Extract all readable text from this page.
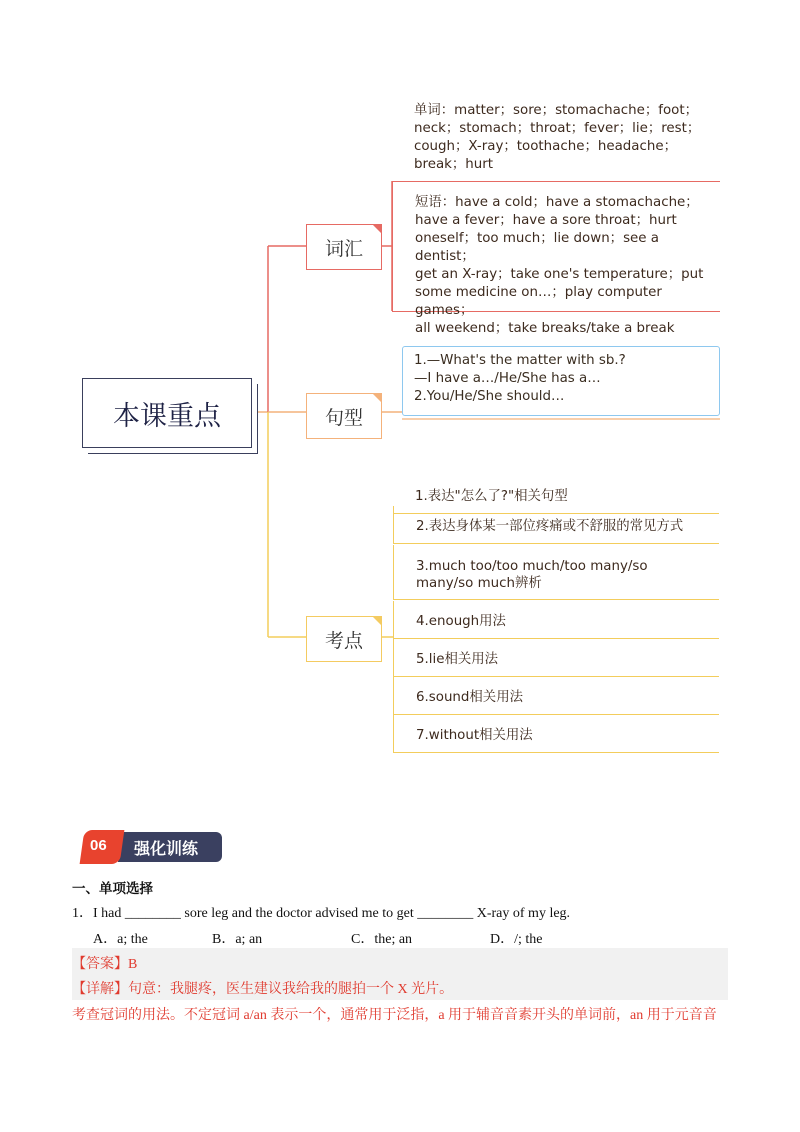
本课重点
词汇
句型
考点
单词：matter；sore；stomachache；foot；
neck；stomach；throat；fever；lie；rest；
cough；X-ray；toothache；headache；
break；hurt
短语：have a cold；have a stomachache；
have a fever；have a sore throat；hurt
oneself；too much；lie down；see a dentist；
get an X-ray；take one's temperature；put
some medicine on…；play computer games；
all weekend；take breaks/take a break
1.—What's the matter with sb.?
—I have a…/He/She has a…
2.You/He/She should…
1.表达"怎么了?"相关句型
2.表达身体某一部位疼痛或不舒服的常见方式
3.much too/too much/too many/so many/so much辨析
4.enough用法
5.lie相关用法
6.sound相关用法
7.without相关用法
06 强化训练
一、单项选择
1．I had ________ sore leg and the doctor advised me to get ________ X-ray of my leg.
A．a; the	B．a; an	C．the; an	D．/; the
【答案】B
【详解】句意：我腿疼，医生建议我给我的腿拍一个 X 光片。
考查冠词的用法。不定冠词 a/an 表示一个，通常用于泛指，a 用于辅音音素开头的单词前，an 用于元音音
